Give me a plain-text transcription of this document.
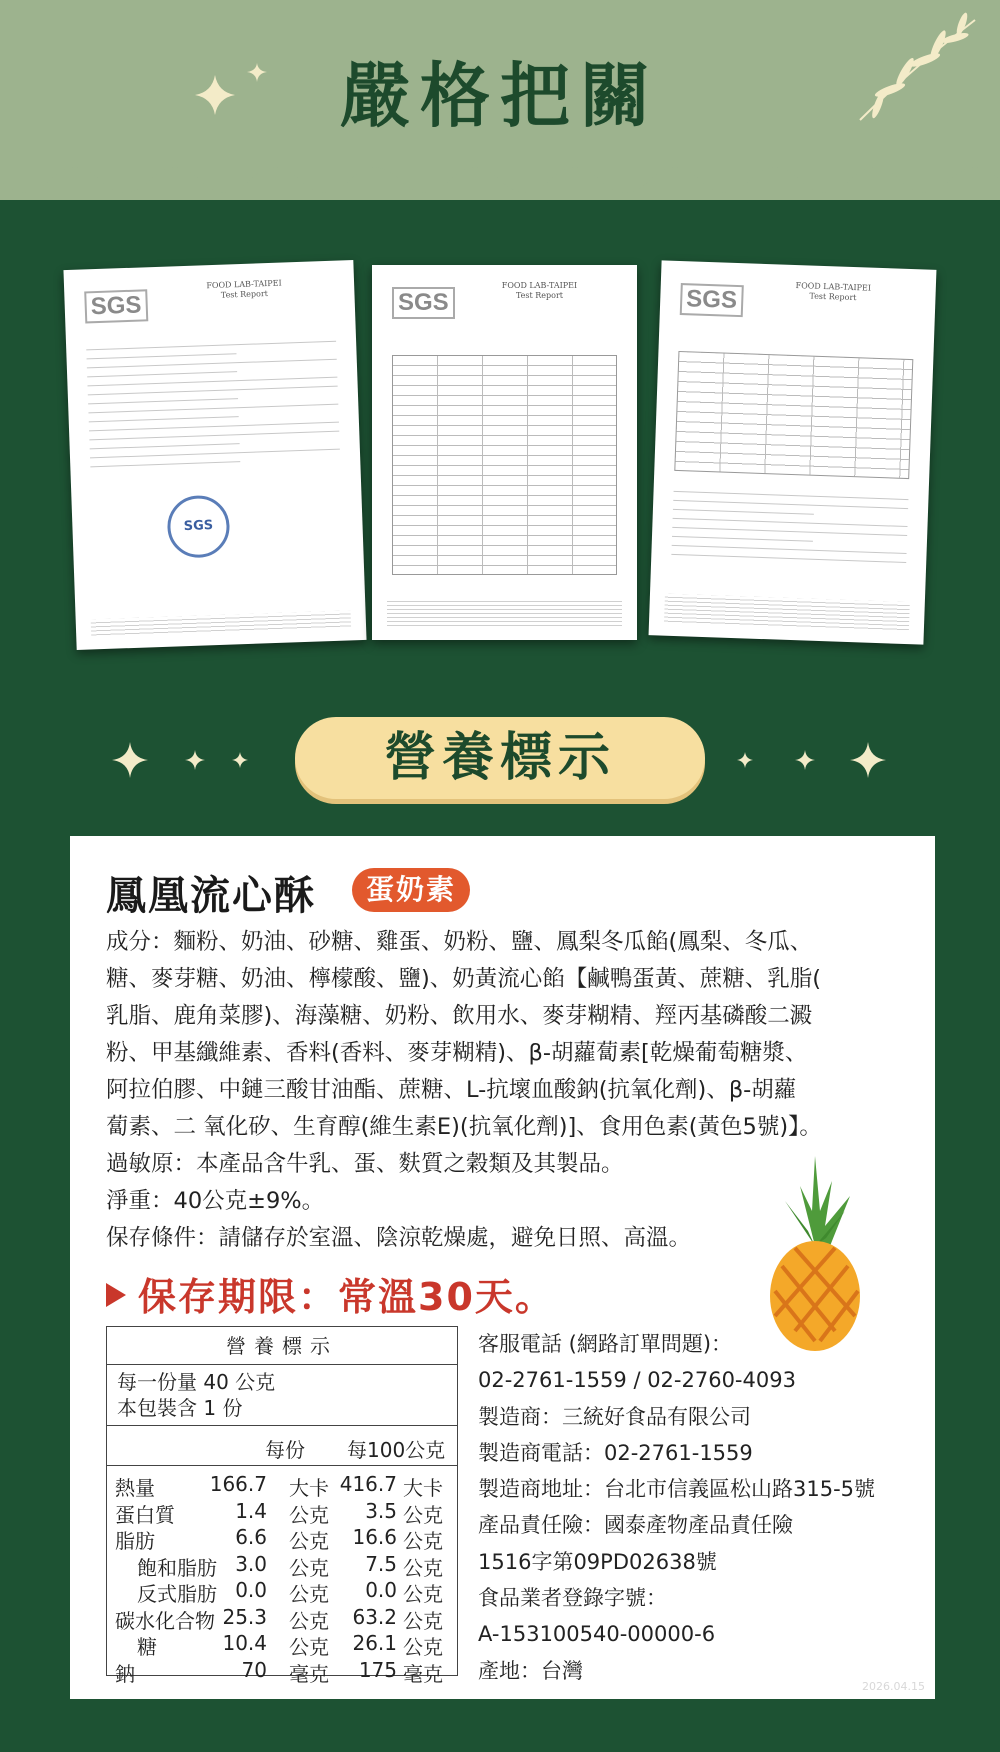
嚴格把關
SGS
FOOD LAB-TAIPEI
Test Report
SGS
SGS
FOOD LAB-TAIPEI
Test Report	SGS	FOOD LAB-TAIPEI
Test Report
營養標示
鳳凰流心酥	蛋奶素
成分：麵粉、奶油、砂糖、雞蛋、奶粉、鹽、鳳梨冬瓜餡(鳳梨、冬瓜、
糖、麥芽糖、奶油、檸檬酸、鹽)、奶黃流心餡【鹹鴨蛋黃、蔗糖、乳脂(
乳脂、鹿角菜膠)、海藻糖、奶粉、飲用水、麥芽糊精、羥丙基磷酸二澱
粉、甲基纖維素、香料(香料、麥芽糊精)、β-胡蘿蔔素[乾燥葡萄糖漿、
阿拉伯膠、中鏈三酸甘油酯、蔗糖、L-抗壞血酸鈉(抗氧化劑)、β-胡蘿
蔔素、二 氧化矽、生育醇(維生素E)(抗氧化劑)]、食用色素(黃色5號)】。
過敏原：本產品含牛乳、蛋、麩質之穀類及其製品。
淨重：40公克±9%。
保存條件：請儲存於室溫、陰涼乾燥處，避免日照、高溫。
保存期限：常溫30天。
營養標示
每一份量 40 公克
本包裝含 1 份
每份 每100公克
熱量	166.7 大卡 416.7 大卡
蛋白質	1.4 公克 3.5 公克
脂肪	6.6 公克 16.6 公克
飽和脂肪 3.0 公克 7.5 公克
反式脂肪 0.0 公克 0.0 公克
碳水化合物 25.3 公克 63.2 公克
糖	10.4 公克 26.1 公克
鈉	70 毫克 175 毫克
客服電話 (網路訂單問題)：
02-2761-1559 / 02-2760-4093
製造商：三統好食品有限公司
製造商電話：02-2761-1559
製造商地址：台北市信義區松山路315-5號
產品責任險：國泰產物產品責任險
1516字第09PD02638號
食品業者登錄字號：
A-153100540-00000-6
產地：台灣
2026.04.15
